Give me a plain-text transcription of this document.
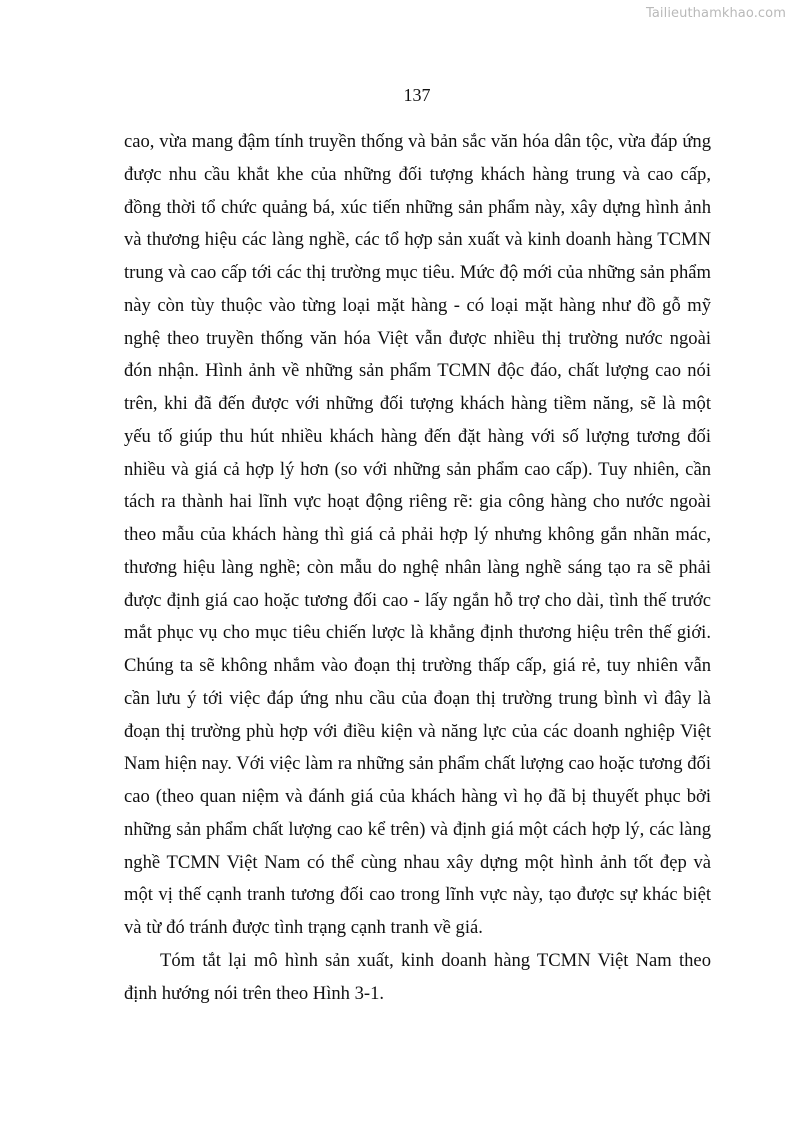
Tailieuthamkhao.com
137
cao, vừa mang đậm tính truyền thống và bản sắc văn hóa dân tộc, vừa đáp ứng
được nhu cầu khắt khe của những đối tượng khách hàng trung và cao cấp,
đồng thời tổ chức quảng bá, xúc tiến những sản phẩm này, xây dựng hình ảnh
và thương hiệu các làng nghề, các tổ hợp sản xuất và kinh doanh hàng TCMN
trung và cao cấp tới các thị trường mục tiêu. Mức độ mới của những sản phẩm
này còn tùy thuộc vào từng loại mặt hàng - có loại mặt hàng như đồ gỗ mỹ
nghệ theo truyền thống văn hóa Việt vẫn được nhiều thị trường nước ngoài
đón nhận. Hình ảnh về những sản phẩm TCMN độc đáo, chất lượng cao nói
trên, khi đã đến được với những đối tượng khách hàng tiềm năng, sẽ là một
yếu tố giúp thu hút nhiều khách hàng đến đặt hàng với số lượng tương đối
nhiều và giá cả hợp lý hơn (so với những sản phẩm cao cấp). Tuy nhiên, cần
tách ra thành hai lĩnh vực hoạt động riêng rẽ: gia công hàng cho nước ngoài
theo mẫu của khách hàng thì giá cả phải hợp lý nhưng không gắn nhãn mác,
thương hiệu làng nghề; còn mẫu do nghệ nhân làng nghề sáng tạo ra sẽ phải
được định giá cao hoặc tương đối cao - lấy ngắn hỗ trợ cho dài, tình thế trước
mắt phục vụ cho mục tiêu chiến lược là khẳng định thương hiệu trên thế giới.
Chúng ta sẽ không nhắm vào đoạn thị trường thấp cấp, giá rẻ, tuy nhiên vẫn
cần lưu ý tới việc đáp ứng nhu cầu của đoạn thị trường trung bình vì đây là
đoạn thị trường phù hợp với điều kiện và năng lực của các doanh nghiệp Việt
Nam hiện nay. Với việc làm ra những sản phẩm chất lượng cao hoặc tương đối
cao (theo quan niệm và đánh giá của khách hàng vì họ đã bị thuyết phục bởi
những sản phẩm chất lượng cao kể trên) và định giá một cách hợp lý, các làng
nghề TCMN Việt Nam có thể cùng nhau xây dựng một hình ảnh tốt đẹp và
một vị thế cạnh tranh tương đối cao trong lĩnh vực này, tạo được sự khác biệt
và từ đó tránh được tình trạng cạnh tranh về giá.
Tóm tắt lại mô hình sản xuất, kinh doanh hàng TCMN Việt Nam theo
định hướng nói trên theo Hình 3-1.
